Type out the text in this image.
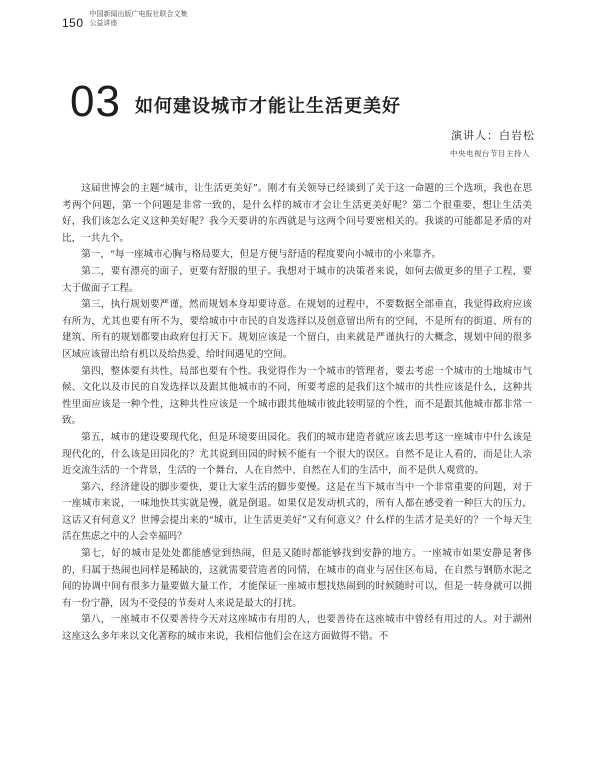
150
中国新闻出版广电报社联合文集
公益讲座
03 如何建设城市才能让生活更美好
演讲人：白岩松
中央电视台节目主持人

这届世博会的主题“城市，让生活更美好”。刚才有关领导已经谈到了关于这一命题的三个选项，我也在思考两个问题，第一个问题是非常一致的，是什么样的城市才会让生活更美好呢？第二个很重要，想让生活美好，我们该怎么定义这种美好呢？我今天要讲的东西就是与这两个问号要密相关的。我谈的可能都是矛盾的对比，一共九个。

第一，“每一座城市心胸与格局要大，但是方便与舒适的程度要向小城市的小来靠齐。

第二，要有漂亮的面子，更要有舒服的里子。我想对于城市的决策者来说，如何去做更多的里子工程，要大于做面子工程。

第三，执行规划要严谨，然而规划本身却要诗意。在规划的过程中，不要数据全部垂直，我觉得政府应该有所为，尤其也要有所不为，要给城市中市民的自发选择以及创意留出所有的空间，不是所有的街道、所有的建筑、所有的规划都要由政府包打天下。规划应该是一个留白，由来就是严谨执行的大概念，规划中间的很多区域应该留出给有机以及给热爱、给时间遇见的空间。

第四，整体要有共性，局部也要有个性。我觉得作为一个城市的管理者，要去考虑一个城市的土地城市气候、文化以及市民的自发选择以及跟其他城市的不同，所要考虑的是我们这个城市的共性应该是什么，这种共性里面应该是一种个性，这种共性应该是一个城市跟其他城市彼此较明显的个性，而不是跟其他城市都非常一致。

第五，城市的建设要现代化，但是环境要田园化。我们的城市建造者就应该去思考这一座城市中什么该是现代化的，什么该是田园化的？尤其说到田园的时候不能有一个很大的误区。自然不是让人看的，而是让人亲近交流生活的一个背景，生活的一个舞台，人在自然中、自然在人们的生活中，而不是供人观赏的。

第六，经济建设的脚步要快，要让大家生活的脚步要慢。这是在当下城市当中一个非常重要的问题，对于一座城市来说，一味地快其实就是慢，就是倒退。如果仅是发动机式的，所有人都在感受着一种巨大的压力，这话又有何意义？世博会提出来的“城市，让生活更美好”又有何意义？什么样的生活才是美好的？一个每天生活在焦虑之中的人会幸福吗？

第七，好的城市是处处都能感觉到热闹，但是又随时都能够找到安静的地方。一座城市如果安静是奢侈的，归属于热闹也同样是稀缺的，这就需要营造者的同情，在城市的商业与居住区布局，在自然与钢筋水泥之间的协调中间有很多力量要做大量工作，才能保证一座城市想找热闹到的时候随时可以，但是一转身就可以拥有一份宁静，因为不受侵的节奏对人来说是最大的打扰。

第八，一座城市不仅要善待今天对这座城市有用的人，也要善待在这座城市中曾经有用过的人。对于湖州这座这么多年来以文化著称的城市来说，我相信他们会在这方面做得不错。不
